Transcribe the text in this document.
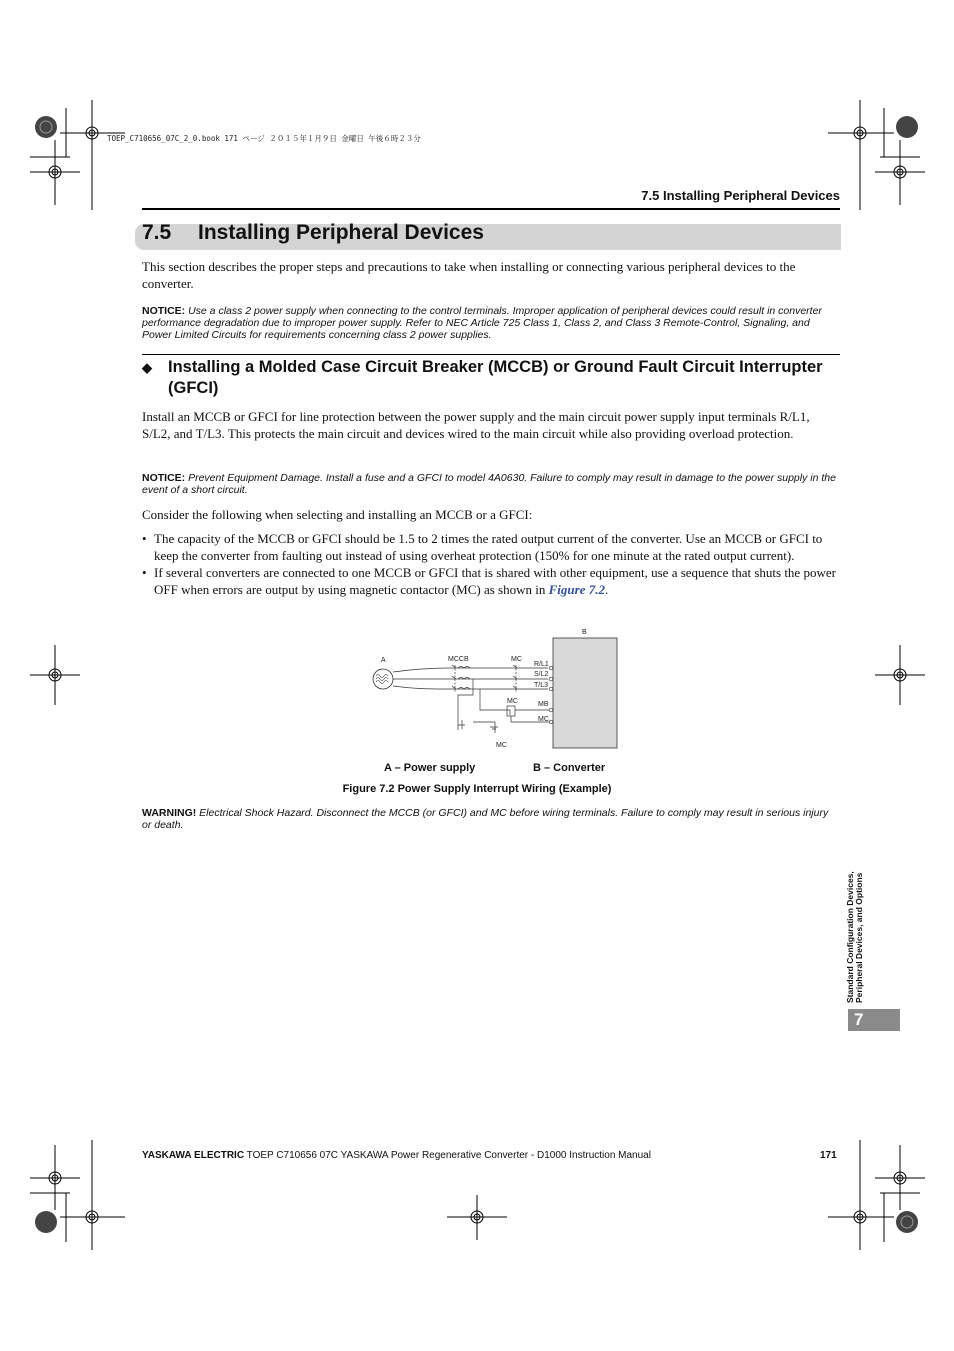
TOEP_C710656_07C_2_0.book 171 ページ ２０１５年１月９日 金曜日 午後６時２３分
7.5 Installing Peripheral Devices
7.5 Installing Peripheral Devices
This section describes the proper steps and precautions to take when installing or connecting various peripheral devices to the converter.
NOTICE: Use a class 2 power supply when connecting to the control terminals. Improper application of peripheral devices could result in converter performance degradation due to improper power supply. Refer to NEC Article 725 Class 1, Class 2, and Class 3 Remote-Control, Signaling, and Power Limited Circuits for requirements concerning class 2 power supplies.
◆ Installing a Molded Case Circuit Breaker (MCCB) or Ground Fault Circuit Interrupter (GFCI)
Install an MCCB or GFCI for line protection between the power supply and the main circuit power supply input terminals R/L1, S/L2, and T/L3. This protects the main circuit and devices wired to the main circuit while also providing overload protection.
NOTICE: Prevent Equipment Damage. Install a fuse and a GFCI to model 4A0630. Failure to comply may result in damage to the power supply in the event of a short circuit.
Consider the following when selecting and installing an MCCB or a GFCI:
• The capacity of the MCCB or GFCI should be 1.5 to 2 times the rated output current of the converter. Use an MCCB or GFCI to keep the converter from faulting out instead of using overheat protection (150% for one minute at the rated output current).
• If several converters are connected to one MCCB or GFCI that is shared with other equipment, use a sequence that shuts the power OFF when errors are output by using magnetic contactor (MC) as shown in Figure 7.2.
B
A	MCCB	MC
R/L1
S/L2
T/L3
MB
MC
MC
MC
A – Power supply	B – Converter
Figure 7.2 Power Supply Interrupt Wiring (Example)
WARNING! Electrical Shock Hazard. Disconnect the MCCB (or GFCI) and MC before wiring terminals. Failure to comply may result in serious injury or death.
Standard Configuration Devices, Peripheral Devices, and Options
7
YASKAWA ELECTRIC TOEP C710656 07C YASKAWA Power Regenerative Converter - D1000 Instruction Manual	171
